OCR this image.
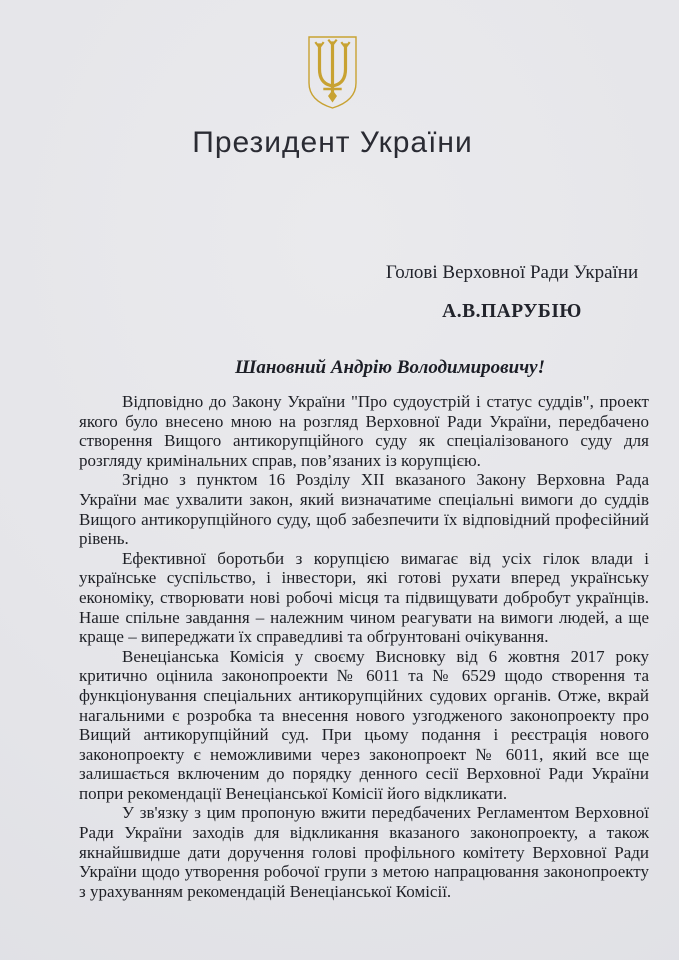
Президент України
Голові Верховної Ради України
А.В.ПАРУБІЮ
Шановний Андрію Володимировичу!

Відповідно до Закону України "Про судоустрій і статус суддів", проект якого було внесено мною на розгляд Верховної Ради України, передбачено створення Вищого антикорупційного суду як спеціалізованого суду для розгляду кримінальних справ, пов’язаних із корупцією.

Згідно з пунктом 16 Розділу XII вказаного Закону Верховна Рада України має ухвалити закон, який визначатиме спеціальні вимоги до суддів Вищого антикорупційного суду, щоб забезпечити їх відповідний професійний рівень.

Ефективної боротьби з корупцією вимагає від усіх гілок влади і українське суспільство, і інвестори, які готові рухати вперед українську економіку, створювати нові робочі місця та підвищувати добробут українців. Наше спільне завдання – належним чином реагувати на вимоги людей, а ще краще – випереджати їх справедливі та обґрунтовані очікування.

Венеціанська Комісія у своєму Висновку від 6 жовтня 2017 року критично оцінила законопроекти № 6011 та № 6529 щодо створення та функціонування спеціальних антикорупційних судових органів. Отже, вкрай нагальними є розробка та внесення нового узгодженого законопроекту про Вищий антикорупційний суд. При цьому подання і реєстрація нового законопроекту є неможливими через законопроект № 6011, який все ще залишається включеним до порядку денного сесії Верховної Ради України попри рекомендації Венеціанської Комісії його відкликати.

У зв'язку з цим пропоную вжити передбачених Регламентом Верховної Ради України заходів для відкликання вказаного законопроекту, а також якнайшвидше дати доручення голові профільного комітету Верховної Ради України щодо утворення робочої групи з метою напрацювання законопроекту з урахуванням рекомендацій Венеціанської Комісії.
